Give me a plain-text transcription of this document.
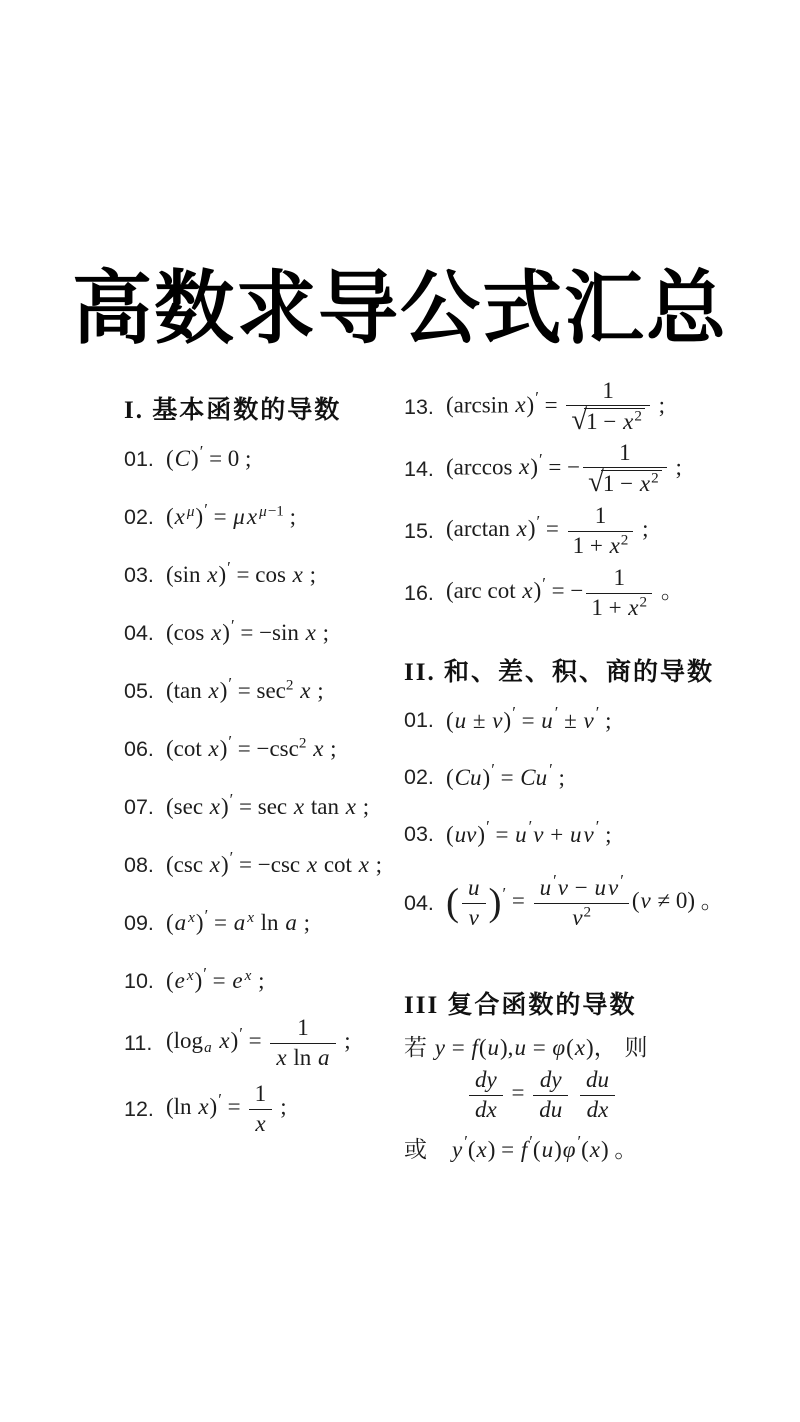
高数求导公式汇总
I. 基本函数的导数
01. (C)′ = 0 ;
02. (x $^\mu$)′ = μx $^{\mu-1}$ ;
03. (sin x)′ = cos x ;
04. (cos x)′ = −sin x ;
05. (tan $x)' = \sec^2 x$ ;
06. (cot $x)' = -\csc^2$ x ;
07. (sec x)′ = sec x tan x ;
08. (csc x)′ = −csc x cot x ;
09. (a $^x$)′ = a $^x$ ln a ;
10. (e $^x$)′ = e $^x$ ;
11. ($\log_a$ $x)' = \frac{1}{\text{x ln a}}$ ;
12. (ln $x)' = \frac{1}{x}$ ;
13. (arcsin $x)' = \frac{1}{√ 1 - x^2}$ ;
14. (arccos x)′ = − $\frac{1}{√ 1 - x^2}$ ;
15. (arctan $x)' = \frac{1}{1 + x^2}$ ;
16. (arc cot x)′ = − $\frac{1}{1 + x^2}$ 。
II. 和、差、积、商的导数
01. (u ± v)′ = u ′ ± v ′ ;
02. (Cu)′ = Cu ′ ;
03. (uv)′ = u ′v + uv ′ ;
04. ( $\frac{u}{v} )' = \frac{u 'v - uv '}{v^2} (v \ne 0)$ 。
III 复合函数的导数
若 y = f(u),u = φ(x)， 则
$\frac{dy}{dx} = \frac{dy}{du}$
$\frac{du}{dx}$
或 y ′(x) = f ′(u)φ ′(x) 。
